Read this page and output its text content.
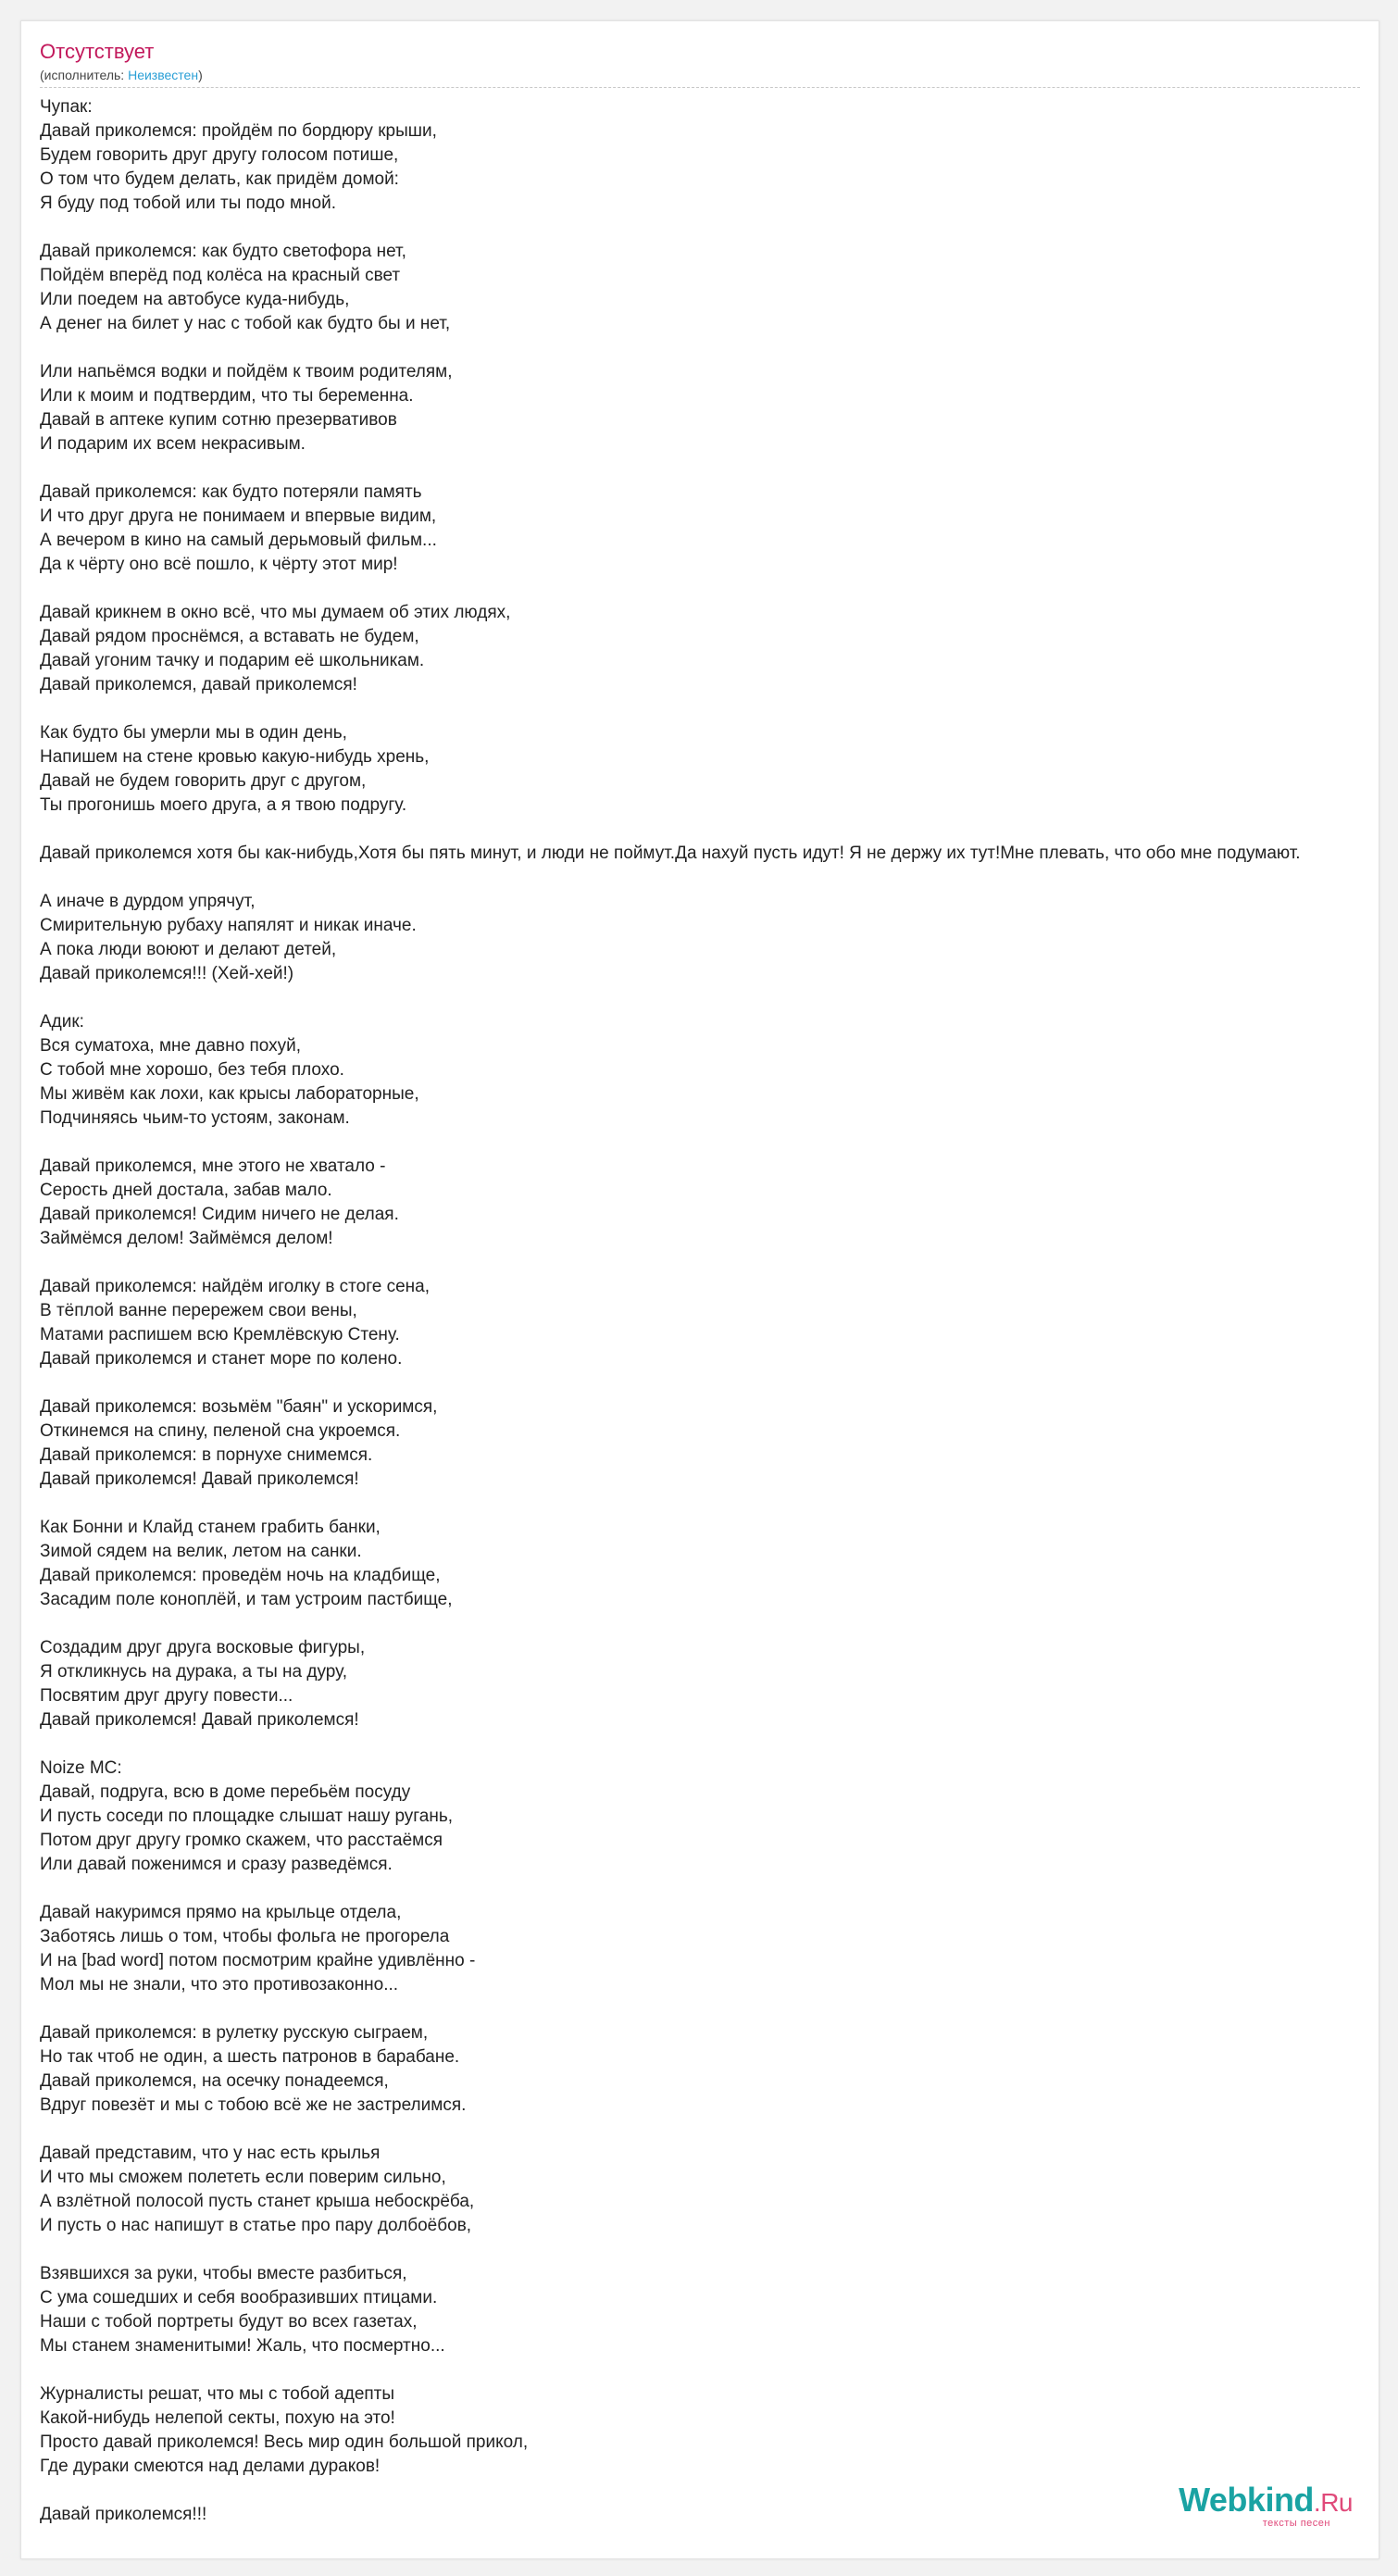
Отсутствует
(исполнитель: Неизвестен)
Чупак:
Давай приколемся: пройдём по бордюру крыши,
Будем говорить друг другу голосом потише,
О том что будем делать, как придём домой:
Я буду под тобой или ты подо мной.

Давай приколемся: как будто светофора нет,
Пойдём вперёд под колёса на красный свет
Или поедем на автобусе куда-нибудь,
А денег на билет у нас с тобой как будто бы и нет,

Или напьёмся водки и пойдём к твоим родителям,
Или к моим и подтвердим, что ты беременна.
Давай в аптеке купим сотню презервативов
И подарим их всем некрасивым.

Давай приколемся: как будто потеряли память
И что друг друга не понимаем и впервые видим,
А вечером в кино на самый дерьмовый фильм...
Да к чёрту оно всё пошло, к чёрту этот мир!

Давай крикнем в окно всё, что мы думаем об этих людях,
Давай рядом проснёмся, а вставать не будем,
Давай угоним тачку и подарим её школьникам.
Давай приколемся, давай приколемся!

Как будто бы умерли мы в один день,
Напишем на стене кровью какую-нибудь хрень,
Давай не будем говорить друг с другом,
Ты прогонишь моего друга, а я твою подругу.

Давай приколемся хотя бы как-нибудь,Хотя бы пять минут, и люди не поймут.Да нахуй пусть идут! Я не держу их тут!Мне плевать, что обо мне подумают.

А иначе в дурдом упрячут,
Смирительную рубаху напялят и никак иначе.
А пока люди воюют и делают детей,
Давай приколемся!!! (Хей-хей!)

Адик:
Вся суматоха, мне давно похуй,
С тобой мне хорошо, без тебя плохо.
Мы живём как лохи, как крысы лабораторные,
Подчиняясь чьим-то устоям, законам.

Давай приколемся, мне этого не хватало -
Серость дней достала, забав мало.
Давай приколемся! Сидим ничего не делая.
Займёмся делом! Займёмся делом!

Давай приколемся: найдём иголку в стоге сена,
В тёплой ванне перережем свои вены,
Матами распишем всю Кремлёвскую Стену.
Давай приколемся и станет море по колено.

Давай приколемся: возьмём "баян" и ускоримся,
Откинемся на спину, пеленой сна укроемся.
Давай приколемся: в порнухе снимемся.
Давай приколемся! Давай приколемся!

Как Бонни и Клайд станем грабить банки,
Зимой сядем на велик, летом на санки.
Давай приколемся: проведём ночь на кладбище,
Засадим поле коноплёй, и там устроим пастбище,

Создадим друг друга восковые фигуры,
Я откликнусь на дурака, а ты на дуру,
Посвятим друг другу повести...
Давай приколемся! Давай приколемся!

Noize MC:
Давай, подруга, всю в доме перебьём посуду
И пусть соседи по площадке слышат нашу ругань,
Потом друг другу громко скажем, что расстаёмся
Или давай поженимся и сразу разведёмся.

Давай накуримся прямо на крыльце отдела,
Заботясь лишь о том, чтобы фольга не прогорела
И на [bad word] потом посмотрим крайне удивлённо -
Мол мы не знали, что это противозаконно...

Давай приколемся: в рулетку русскую сыграем,
Но так чтоб не один, а шесть патронов в барабане.
Давай приколемся, на осечку понадеемся,
Вдруг повезёт и мы с тобою всё же не застрелимся.

Давай представим, что у нас есть крылья
И что мы сможем полететь если поверим сильно,
А взлётной полосой пусть станет крыша небоскрёба,
И пусть о нас напишут в статье про пару долбоёбов,

Взявшихся за руки, чтобы вместе разбиться,
С ума сошедших и себя вообразивших птицами.
Наши с тобой портреты будут во всех газетах,
Мы станем знаменитыми! Жаль, что посмертно...

Журналисты решат, что мы с тобой адепты
Какой-нибудь нелепой секты, похую на это!
Просто давай приколемся! Весь мир один большой прикол,
Где дураки смеются над делами дураков!

Давай приколемся!!!	Webkind.Ru
тексты песен
